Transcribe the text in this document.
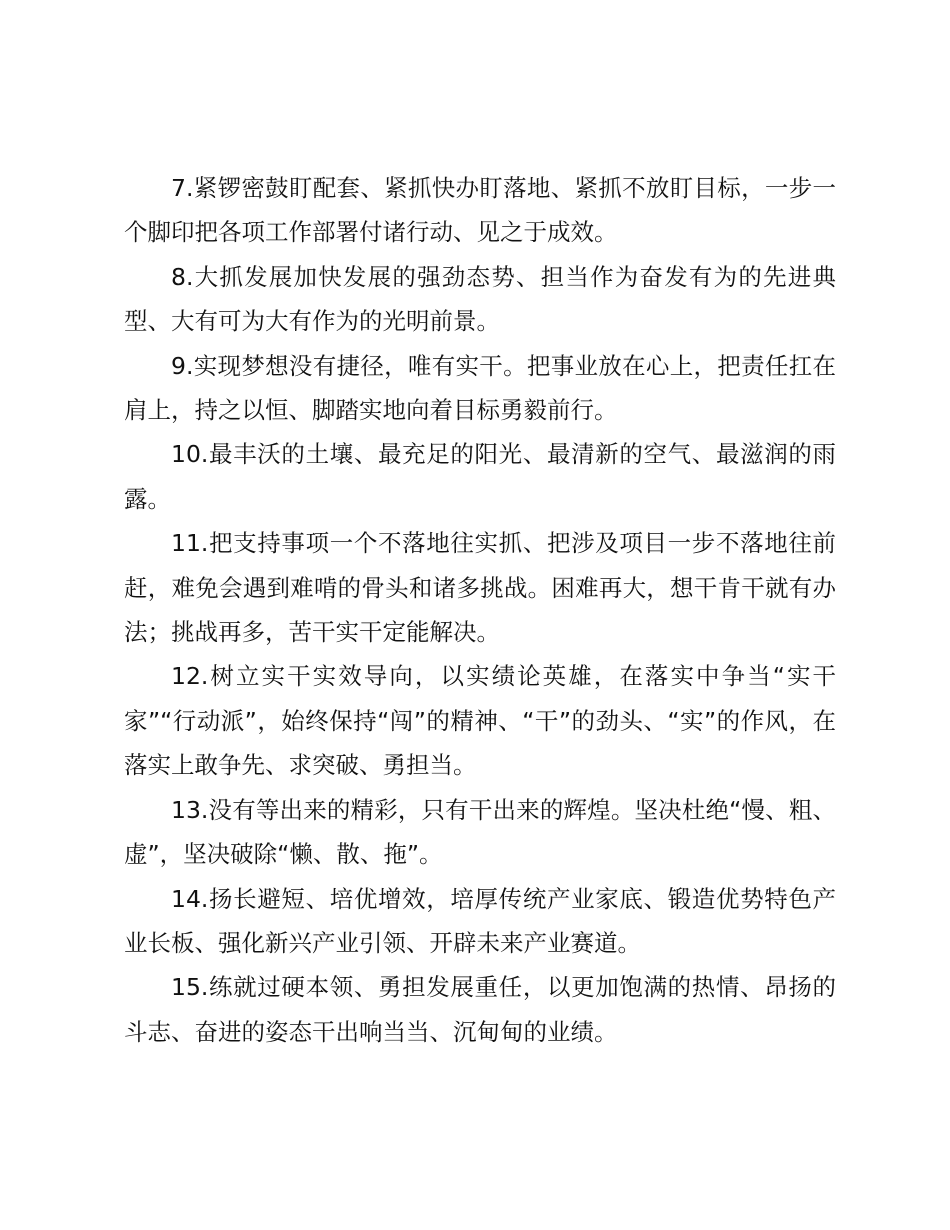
7.紧锣密鼓盯配套、紧抓快办盯落地、紧抓不放盯目标，一步一个脚印把各项工作部署付诸行动、见之于成效。

8.大抓发展加快发展的强劲态势、担当作为奋发有为的先进典型、大有可为大有作为的光明前景。

9.实现梦想没有捷径，唯有实干。把事业放在心上，把责任扛在肩上，持之以恒、脚踏实地向着目标勇毅前行。

10.最丰沃的土壤、最充足的阳光、最清新的空气、最滋润的雨露。

11.把支持事项一个不落地往实抓、把涉及项目一步不落地往前赶，难免会遇到难啃的骨头和诸多挑战。困难再大，想干肯干就有办法；挑战再多，苦干实干定能解决。

12.树立实干实效导向，以实绩论英雄，在落实中争当“实干家”“行动派”，始终保持“闯”的精神、“干”的劲头、“实”的作风，在落实上敢争先、求突破、勇担当。

13.没有等出来的精彩，只有干出来的辉煌。坚决杜绝“慢、粗、虚”，坚决破除“懒、散、拖”。

14.扬长避短、培优增效，培厚传统产业家底、锻造优势特色产业长板、强化新兴产业引领、开辟未来产业赛道。

15.练就过硬本领、勇担发展重任，以更加饱满的热情、昂扬的斗志、奋进的姿态干出响当当、沉甸甸的业绩。
